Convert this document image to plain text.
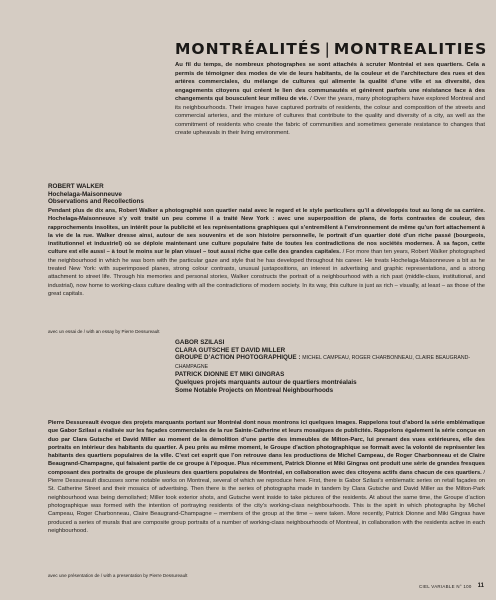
MONTRÉALITÉS | MONTREALITIES
Au fil du temps, de nombreux photographes se sont attachés à scruter Montréal et ses quartiers. Cela a permis de témoigner des modes de vie de leurs habitants, de la couleur et de l’architecture des rues et des artères commerciales, du mélange de cultures qui alimente la qualité d’une ville et sa diversité, des engagements citoyens qui créent le lien des communautés et génèrent parfois une résistance face à des changements qui bousculent leur milieu de vie. / Over the years, many photographers have explored Montreal and its neighbourhoods. Their images have captured portraits of residents, the colour and composition of the streets and commercial arteries, and the mixture of cultures that contribute to the quality and diversity of a city, as well as the commitment of residents who create the fabric of communities and sometimes generate resistance to changes that create upheavals in their living environment.
ROBERT WALKER
Hochelaga-Maisonneuve
Observations and Recollections
Pendant plus de dix ans, Robert Walker a photographié son quartier natal avec le regard et le style particuliers qu’il a développés tout au long de sa carrière. Hochelaga-Maisonneuve s’y voit traité un peu comme il a traité New York : avec une superposition de plans, de forts contrastes de couleur, des rapprochements insolites, un intérêt pour la publicité et les représentations graphiques qui s’entremêlent à l’environnement de même qu’un fort attachement à la vie de la rue. Walker dresse ainsi, autour de ses souvenirs et de son histoire personnelle, le portrait d’un quartier doté d’un riche passé (bourgeois, institutionnel et industriel) où se déploie maintenant une culture populaire faite de toutes les contradictions de nos sociétés modernes. À sa façon, cette culture est elle aussi – à tout le moins sur le plan visuel – tout aussi riche que celle des grandes capitales. / For more than ten years, Robert Walker photographed the neighbourhood in which he was born with the particular gaze and style that he has developed throughout his career. He treats Hochelaga-Maisonneuve a bit as he treated New York: with superimposed planes, strong colour contrasts, unusual juxtapositions, an interest in advertising and graphic representations, and a strong attachment to street life. Through his memories and personal stories, Walker constructs the portrait of a neighbourhood with a rich past (middle-class, institutional, and industrial), now home to working-class culture dealing with all the contradictions of modern society. In its way, this culture is just as rich – visually, at least – as those of the great capitals.
avec un essai de / with an essay by Pierre Dessureault
GABOR SZILASI
CLARA GUTSCHE ET DAVID MILLER
GROUPE D’ACTION PHOTOGRAPHIQUE : MICHEL CAMPEAU, ROGER CHARBONNEAU, CLAIRE BEAUGRAND-CHAMPAGNE
PATRICK DIONNE ET MIKI GINGRAS
Quelques projets marquants autour de quartiers montréalais
Some Notable Projects on Montreal Neighbourhoods
Pierre Dessureault évoque des projets marquants portant sur Montréal dont nous montrons ici quelques images. Rappelons tout d’abord la série emblématique que Gabor Szilasi a réalisée sur les façades commerciales de la rue Sainte-Catherine et leurs mosaïques de publicités. Rappelons également la série conçue en duo par Clara Gutsche et David Miller au moment de la démolition d’une partie des immeubles de Milton-Parc, lui prenant des vues extérieures, elle des portraits en intérieur des habitants du quartier. À peu près au même moment, le Groupe d’action photographique se formait avec la volonté de représenter les habitants des quartiers populaires de la ville. C’est cet esprit que l’on retrouve dans les productions de Michel Campeau, de Roger Charbonneau et de Claire Beaugrand-Champagne, qui faisaient partie de ce groupe à l’époque. Plus récemment, Patrick Dionne et Miki Gingras ont produit une série de grandes fresques composant des portraits de groupe de plusieurs des quartiers populaires de Montréal, en collaboration avec des citoyens actifs dans chacun de ces quartiers. / Pierre Dessureault discusses some notable works on Montreal, several of which we reproduce here. First, there is Gabor Szilasi’s emblematic series on retail façades on St. Catherine Street and their mosaics of advertising. Then there is the series of photographs made in tandem by Clara Gutsche and David Miller as the Milton-Park neighbourhood was being demolished; Miller took exterior shots, and Gutsche went inside to take pictures of the residents. At about the same time, the Groupe d’action photographique was formed with the intention of portraying residents of the city’s working-class neighbourhoods. This is the spirit in which photographs by Michel Campeau, Roger Charbonneau, Claire Beaugrand-Champagne – members of the group at the time – were taken. More recently, Patrick Dionne and Miki Gingras have produced a series of murals that are composite group portraits of a number of working-class neighbourhoods of Montreal, in collaboration with the residents active in each neighbourhood.
avec une présentation de / with a presentation by Pierre Dessureault
CIEL VARIABLE N° 100 11
